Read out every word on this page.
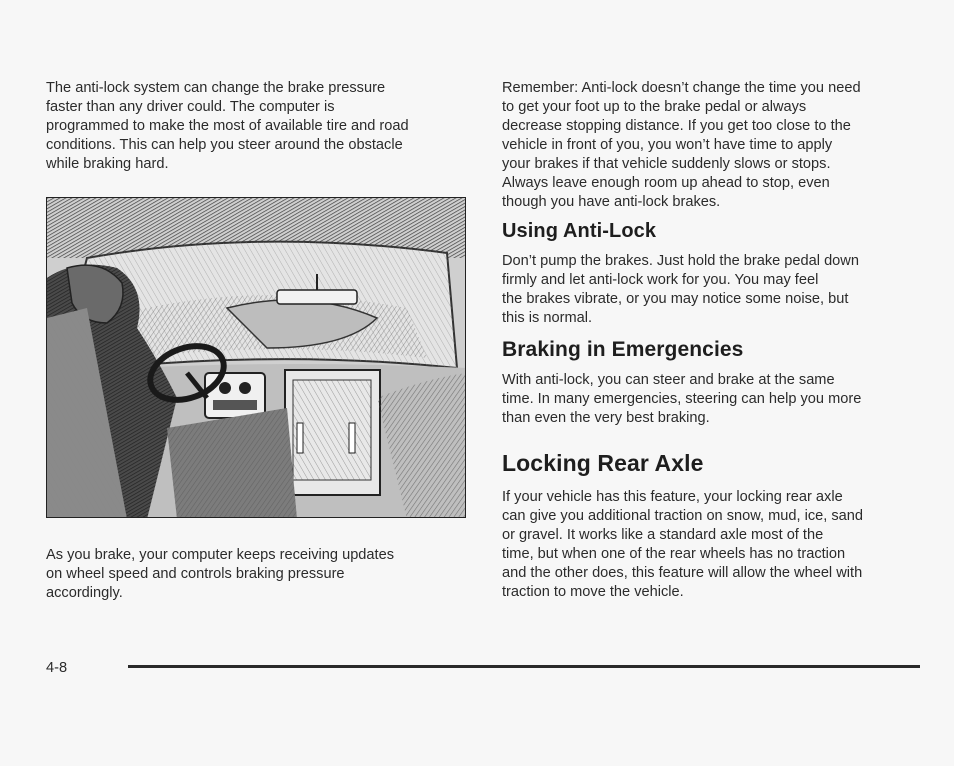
The anti-lock system can change the brake pressure
faster than any driver could. The computer is
programmed to make the most of available tire and road
conditions. This can help you steer around the obstacle
while braking hard.

As you brake, your computer keeps receiving updates
on wheel speed and controls braking pressure
accordingly.

Remember: Anti-lock doesn’t change the time you need
to get your foot up to the brake pedal or always
decrease stopping distance. If you get too close to the
vehicle in front of you, you won’t have time to apply
your brakes if that vehicle suddenly slows or stops.
Always leave enough room up ahead to stop, even
though you have anti-lock brakes.

Using Anti-Lock

Don’t pump the brakes. Just hold the brake pedal down
firmly and let anti-lock work for you. You may feel
the brakes vibrate, or you may notice some noise, but
this is normal.

Braking in Emergencies

With anti-lock, you can steer and brake at the same
time. In many emergencies, steering can help you more
than even the very best braking.

Locking Rear Axle

If your vehicle has this feature, your locking rear axle
can give you additional traction on snow, mud, ice, sand
or gravel. It works like a standard axle most of the
time, but when one of the rear wheels has no traction
and the other does, this feature will allow the wheel with
traction to move the vehicle.

4-8
